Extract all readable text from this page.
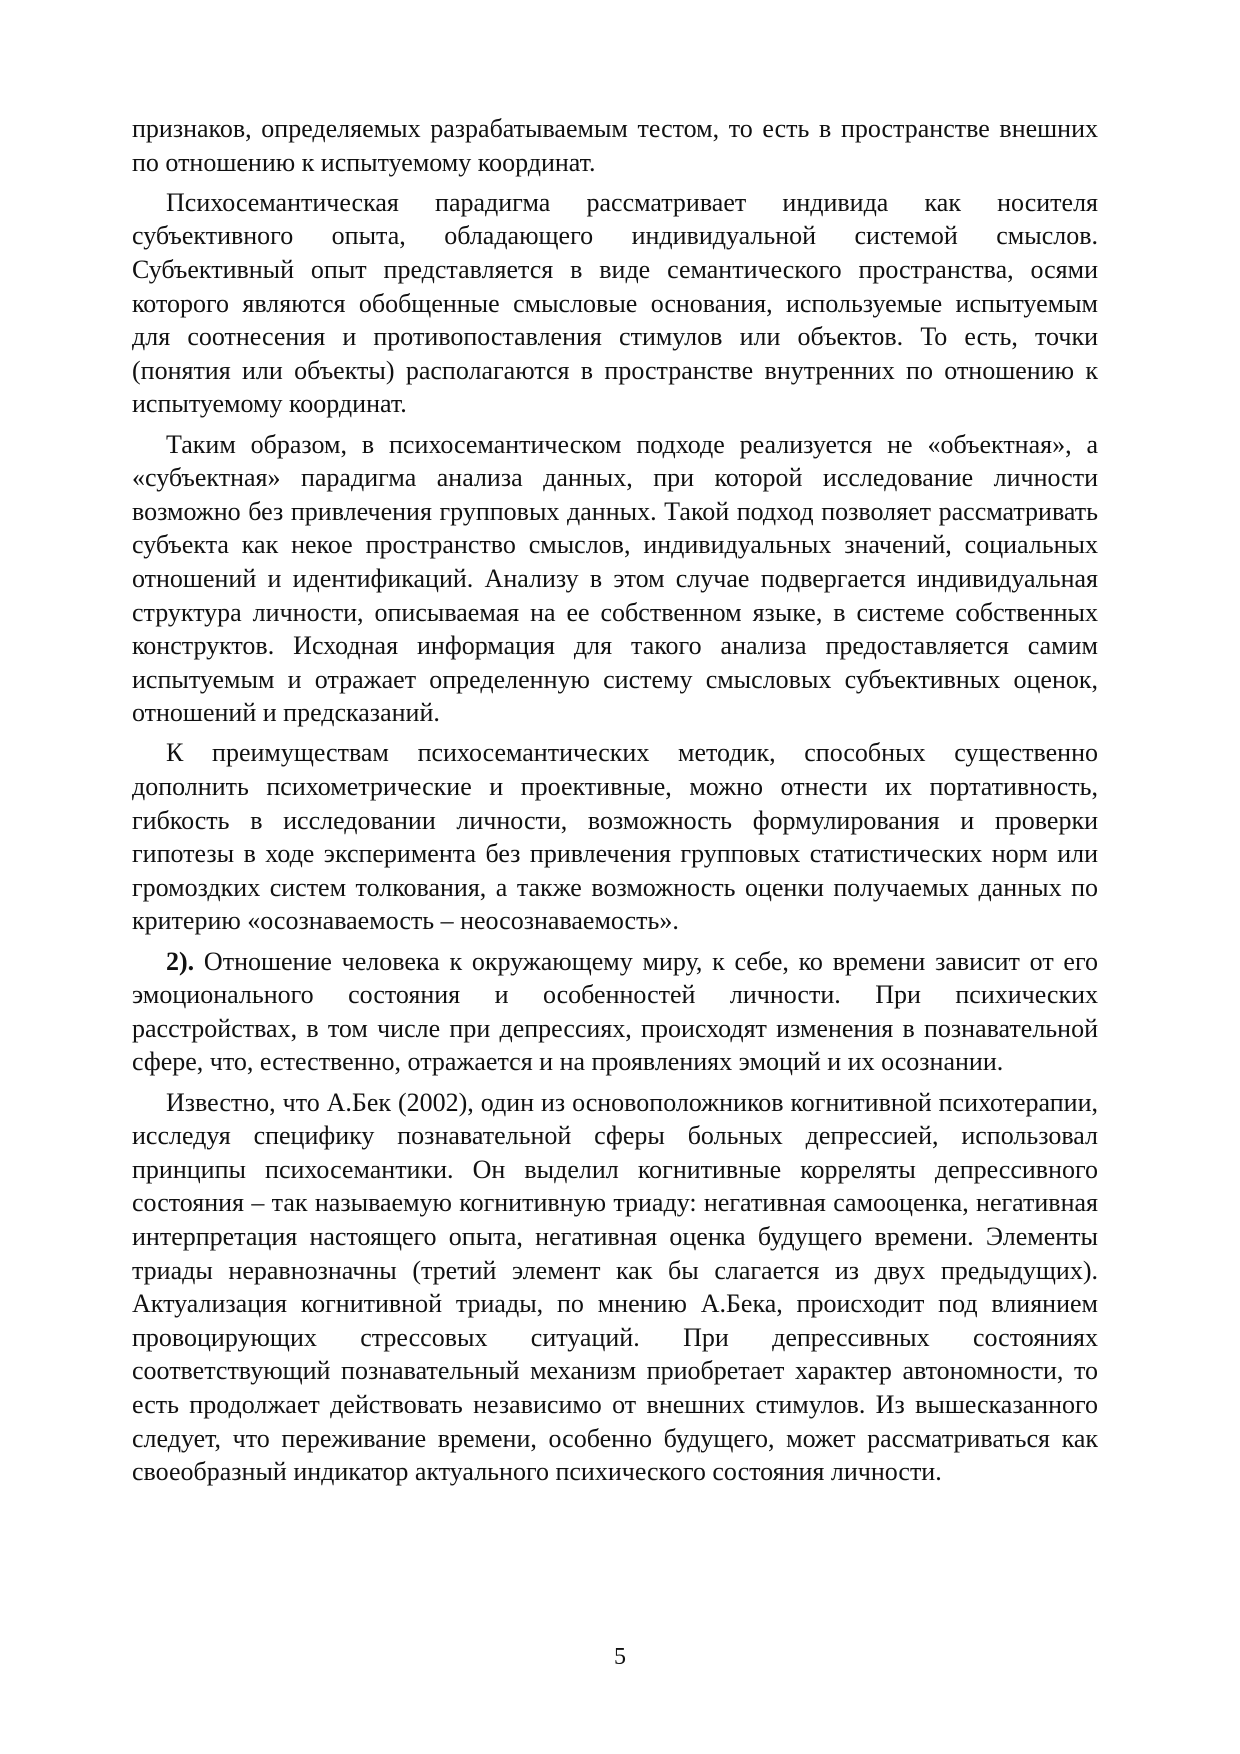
признаков, определяемых разрабатываемым тестом, то есть в пространстве внешних по отношению к испытуемому координат.

Психосемантическая парадигма рассматривает индивида как носителя субъективного опыта, обладающего индивидуальной системой смыслов. Субъективный опыт представляется в виде семантического пространства, осями которого являются обобщенные смысловые основания, используемые испытуемым для соотнесения и противопоставления стимулов или объектов. То есть, точки (понятия или объекты) располагаются в пространстве внутренних по отношению к испытуемому координат.

Таким образом, в психосемантическом подходе реализуется не «объектная», а «субъектная» парадигма анализа данных, при которой исследование личности возможно без привлечения групповых данных. Такой подход позволяет рассматривать субъекта как некое пространство смыслов, индивидуальных значений, социальных отношений и идентификаций. Анализу в этом случае подвергается индивидуальная структура личности, описываемая на ее собственном языке, в системе собственных конструктов. Исходная информация для такого анализа предоставляется самим испытуемым и отражает определенную систему смысловых субъективных оценок, отношений и предсказаний.

К преимуществам психосемантических методик, способных существенно дополнить психометрические и проективные, можно отнести их портативность, гибкость в исследовании личности, возможность формулирования и проверки гипотезы в ходе эксперимента без привлечения групповых статистических норм или громоздких систем толкования, а также возможность оценки получаемых данных по критерию «осознаваемость – неосознаваемость».

2). Отношение человека к окружающему миру, к себе, ко времени зависит от его эмоционального состояния и особенностей личности. При психических расстройствах, в том числе при депрессиях, происходят изменения в познавательной сфере, что, естественно, отражается и на проявлениях эмоций и их осознании.

Известно, что А.Бек (2002), один из основоположников когнитивной психотерапии, исследуя специфику познавательной сферы больных депрессией, использовал принципы психосемантики. Он выделил когнитивные корреляты депрессивного состояния – так называемую когнитивную триаду: негативная самооценка, негативная интерпретация настоящего опыта, негативная оценка будущего времени. Элементы триады неравнозначны (третий элемент как бы слагается из двух предыдущих). Актуализация когнитивной триады, по мнению А.Бека, происходит под влиянием провоцирующих стрессовых ситуаций. При депрессивных состояниях соответствующий познавательный механизм приобретает характер автономности, то есть продолжает действовать независимо от внешних стимулов. Из вышесказанного следует, что переживание времени, особенно будущего, может рассматриваться как своеобразный индикатор актуального психического состояния личности.

5
